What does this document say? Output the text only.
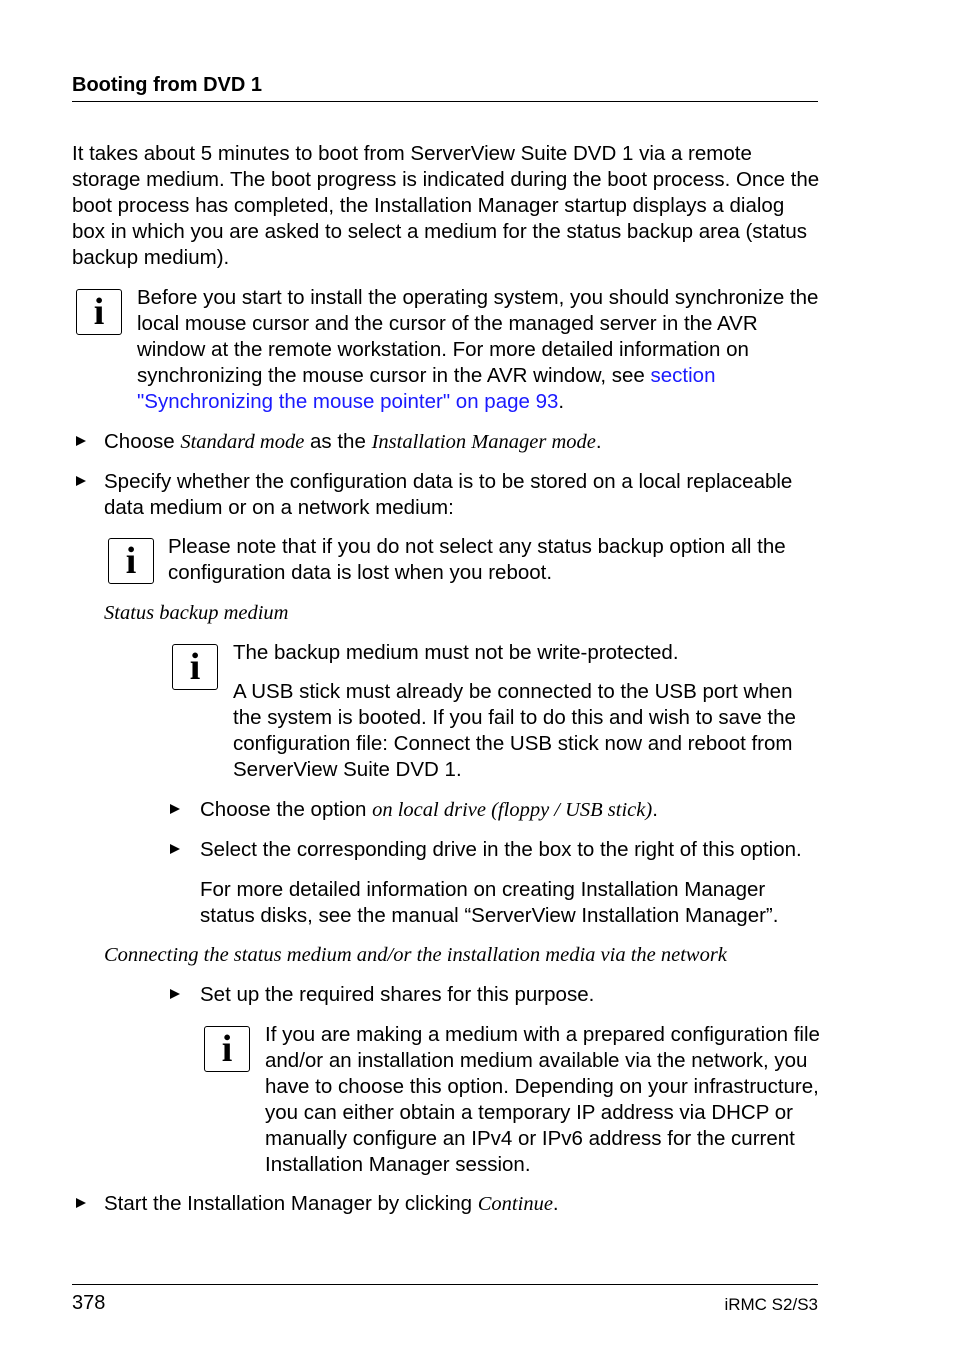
Booting from DVD 1

It takes about 5 minutes to boot from ServerView Suite DVD 1 via a remote storage medium. The boot progress is indicated during the boot process. Once the boot process has completed, the Installation Manager startup displays a dialog box in which you are asked to select a medium for the status backup area (status backup medium).

i	Before you start to install the operating system, you should synchronize the local mouse cursor and the cursor of the managed server in the AVR window at the remote workstation. For more detailed information on synchronizing the mouse cursor in the AVR window, see section "Synchronizing the mouse pointer" on page 93.

Choose Standard mode as the Installation Manager mode.

Specify whether the configuration data is to be stored on a local replaceable data medium or on a network medium:

i	Please note that if you do not select any status backup option all the configuration data is lost when you reboot.

Status backup medium

i	The backup medium must not be write-protected.

A USB stick must already be connected to the USB port when the system is booted. If you fail to do this and wish to save the configuration file: Connect the USB stick now and reboot from ServerView Suite DVD 1.

Choose the option on local drive (floppy / USB stick).

Select the corresponding drive in the box to the right of this option.

For more detailed information on creating Installation Manager status disks, see the manual “ServerView Installation Manager”.

Connecting the status medium and/or the installation media via the network

Set up the required shares for this purpose.

i	If you are making a medium with a prepared configuration file and/or an installation medium available via the network, you have to choose this option. Depending on your infrastructure, you can either obtain a temporary IP address via DHCP or manually configure an IPv4 or IPv6 address for the current Installation Manager session.

Start the Installation Manager by clicking Continue.

378	iRMC S2/S3
